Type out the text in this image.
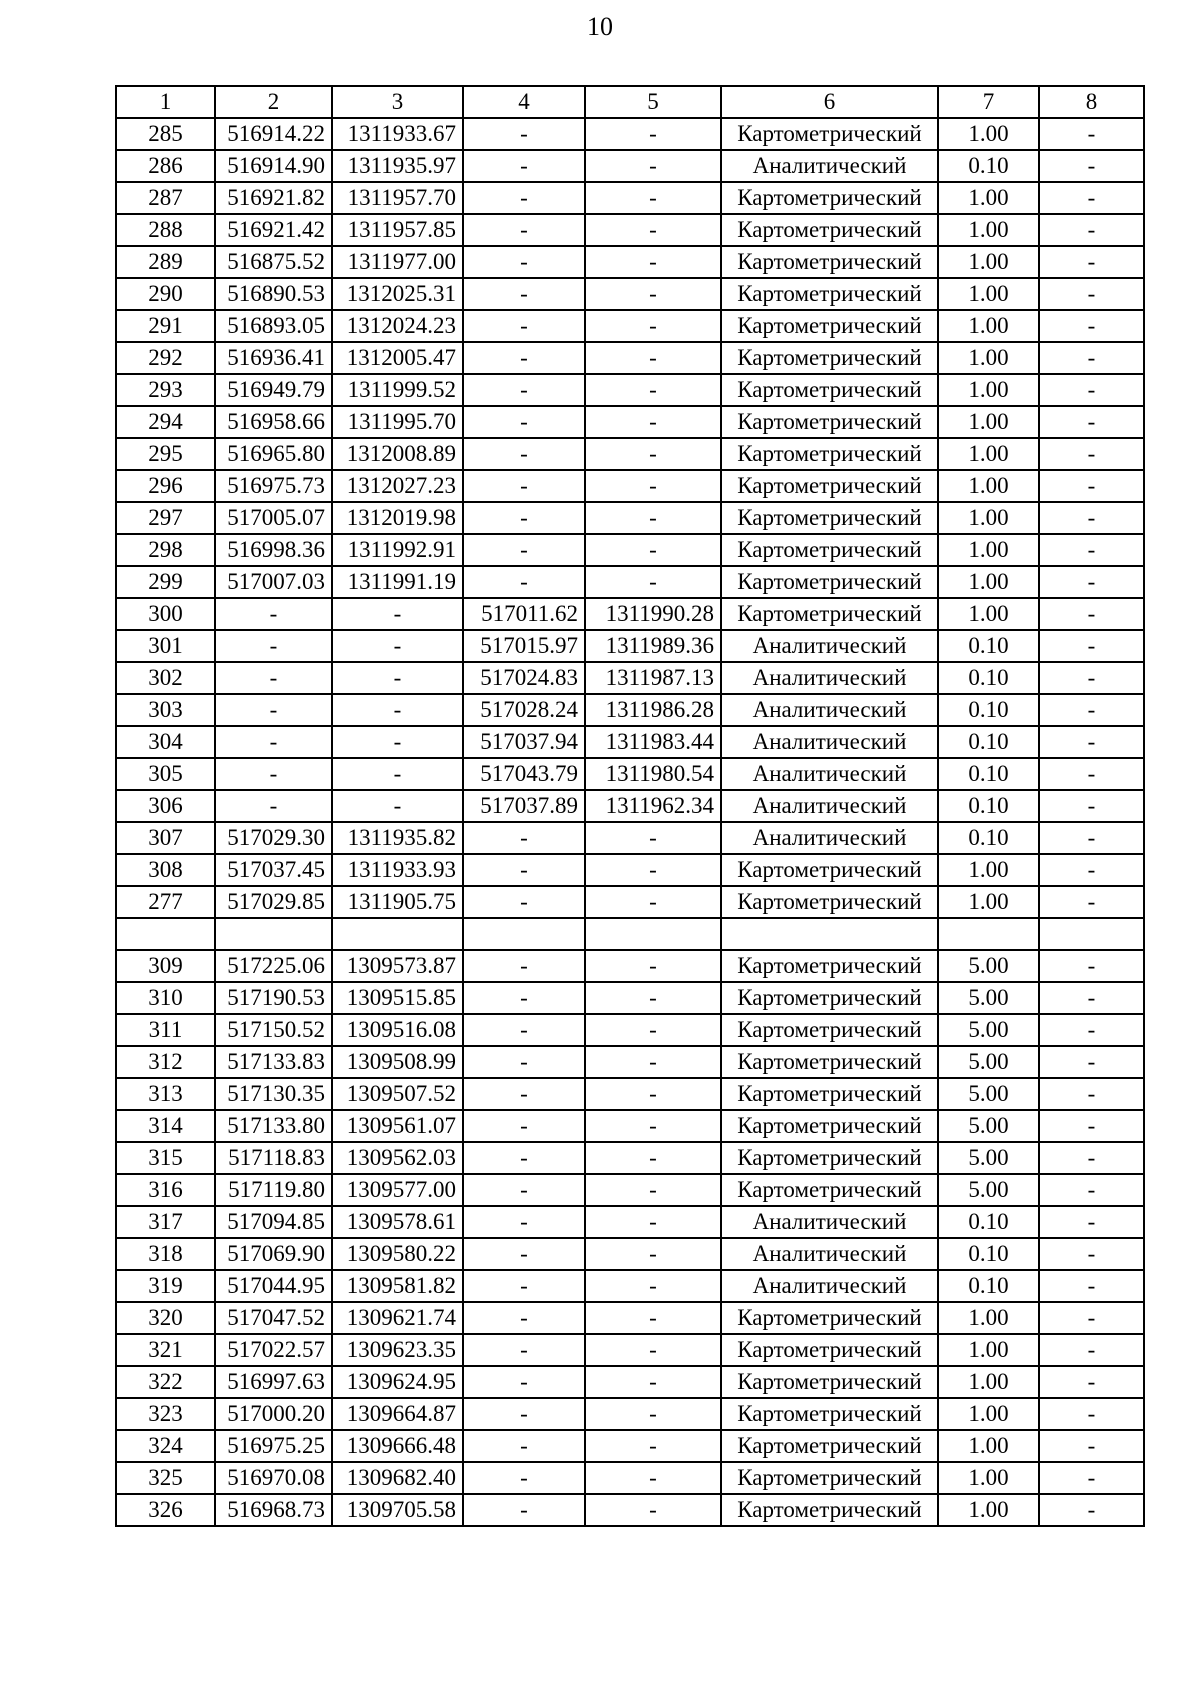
10
1	2	3	4	5	6	7	8
285	516914.22	1311933.67	-	-	Картометрический	1.00	-
286	516914.90	1311935.97	-	-	Аналитический	0.10	-
287	516921.82	1311957.70	-	-	Картометрический	1.00	-
288	516921.42	1311957.85	-	-	Картометрический	1.00	-
289	516875.52	1311977.00	-	-	Картометрический	1.00	-
290	516890.53	1312025.31	-	-	Картометрический	1.00	-
291	516893.05	1312024.23	-	-	Картометрический	1.00	-
292	516936.41	1312005.47	-	-	Картометрический	1.00	-
293	516949.79	1311999.52	-	-	Картометрический	1.00	-
294	516958.66	1311995.70	-	-	Картометрический	1.00	-
295	516965.80	1312008.89	-	-	Картометрический	1.00	-
296	516975.73	1312027.23	-	-	Картометрический	1.00	-
297	517005.07	1312019.98	-	-	Картометрический	1.00	-
298	516998.36	1311992.91	-	-	Картометрический	1.00	-
299	517007.03	1311991.19	-	-	Картометрический	1.00	-
300	-	-	517011.62	1311990.28	Картометрический	1.00	-
301	-	-	517015.97	1311989.36	Аналитический	0.10	-
302	-	-	517024.83	1311987.13	Аналитический	0.10	-
303	-	-	517028.24	1311986.28	Аналитический	0.10	-
304	-	-	517037.94	1311983.44	Аналитический	0.10	-
305	-	-	517043.79	1311980.54	Аналитический	0.10	-
306	-	-	517037.89	1311962.34	Аналитический	0.10	-
307	517029.30	1311935.82	-	-	Аналитический	0.10	-
308	517037.45	1311933.93	-	-	Картометрический	1.00	-
277	517029.85	1311905.75	-	-	Картометрический	1.00	-

309	517225.06	1309573.87	-	-	Картометрический	5.00	-
310	517190.53	1309515.85	-	-	Картометрический	5.00	-
311	517150.52	1309516.08	-	-	Картометрический	5.00	-
312	517133.83	1309508.99	-	-	Картометрический	5.00	-
313	517130.35	1309507.52	-	-	Картометрический	5.00	-
314	517133.80	1309561.07	-	-	Картометрический	5.00	-
315	517118.83	1309562.03	-	-	Картометрический	5.00	-
316	517119.80	1309577.00	-	-	Картометрический	5.00	-
317	517094.85	1309578.61	-	-	Аналитический	0.10	-
318	517069.90	1309580.22	-	-	Аналитический	0.10	-
319	517044.95	1309581.82	-	-	Аналитический	0.10	-
320	517047.52	1309621.74	-	-	Картометрический	1.00	-
321	517022.57	1309623.35	-	-	Картометрический	1.00	-
322	516997.63	1309624.95	-	-	Картометрический	1.00	-
323	517000.20	1309664.87	-	-	Картометрический	1.00	-
324	516975.25	1309666.48	-	-	Картометрический	1.00	-
325	516970.08	1309682.40	-	-	Картометрический	1.00	-
326	516968.73	1309705.58	-	-	Картометрический	1.00	-
